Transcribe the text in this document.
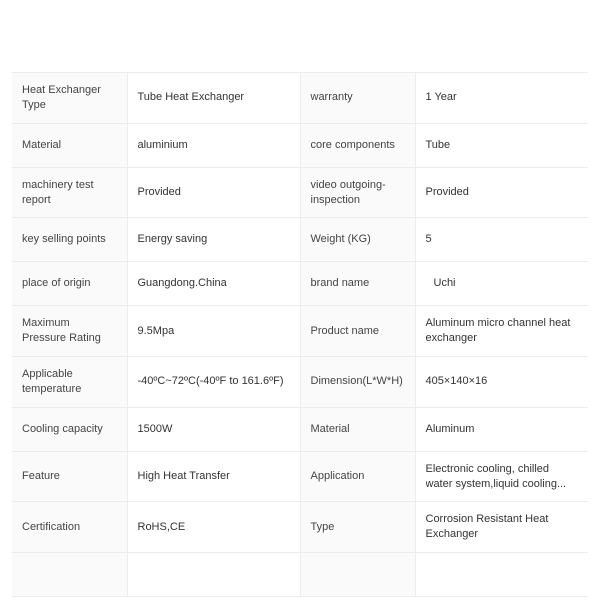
Heat Exchanger Type	Tube Heat Exchanger	warranty	1 Year

Material	aluminium	core components	Tube

machinery test report	Provided	video outgoing-inspection	Provided

key selling points	Energy saving	Weight (KG)	5

place of origin	Guangdong.China	brand name	Uchi

Maximum Pressure Rating	9.5Mpa	Product name	Aluminum micro channel heat exchanger

Applicable temperature	-40ºC~72ºC(-40ºF to 161.6ºF)	Dimension(L*W*H)	405×140×16

Cooling capacity	1500W	Material	Aluminum

Feature	High Heat Transfer	Application	Electronic cooling, chilled water system,liquid cooling...

Certification	RoHS,CE	Type	Corrosion Resistant Heat Exchanger
